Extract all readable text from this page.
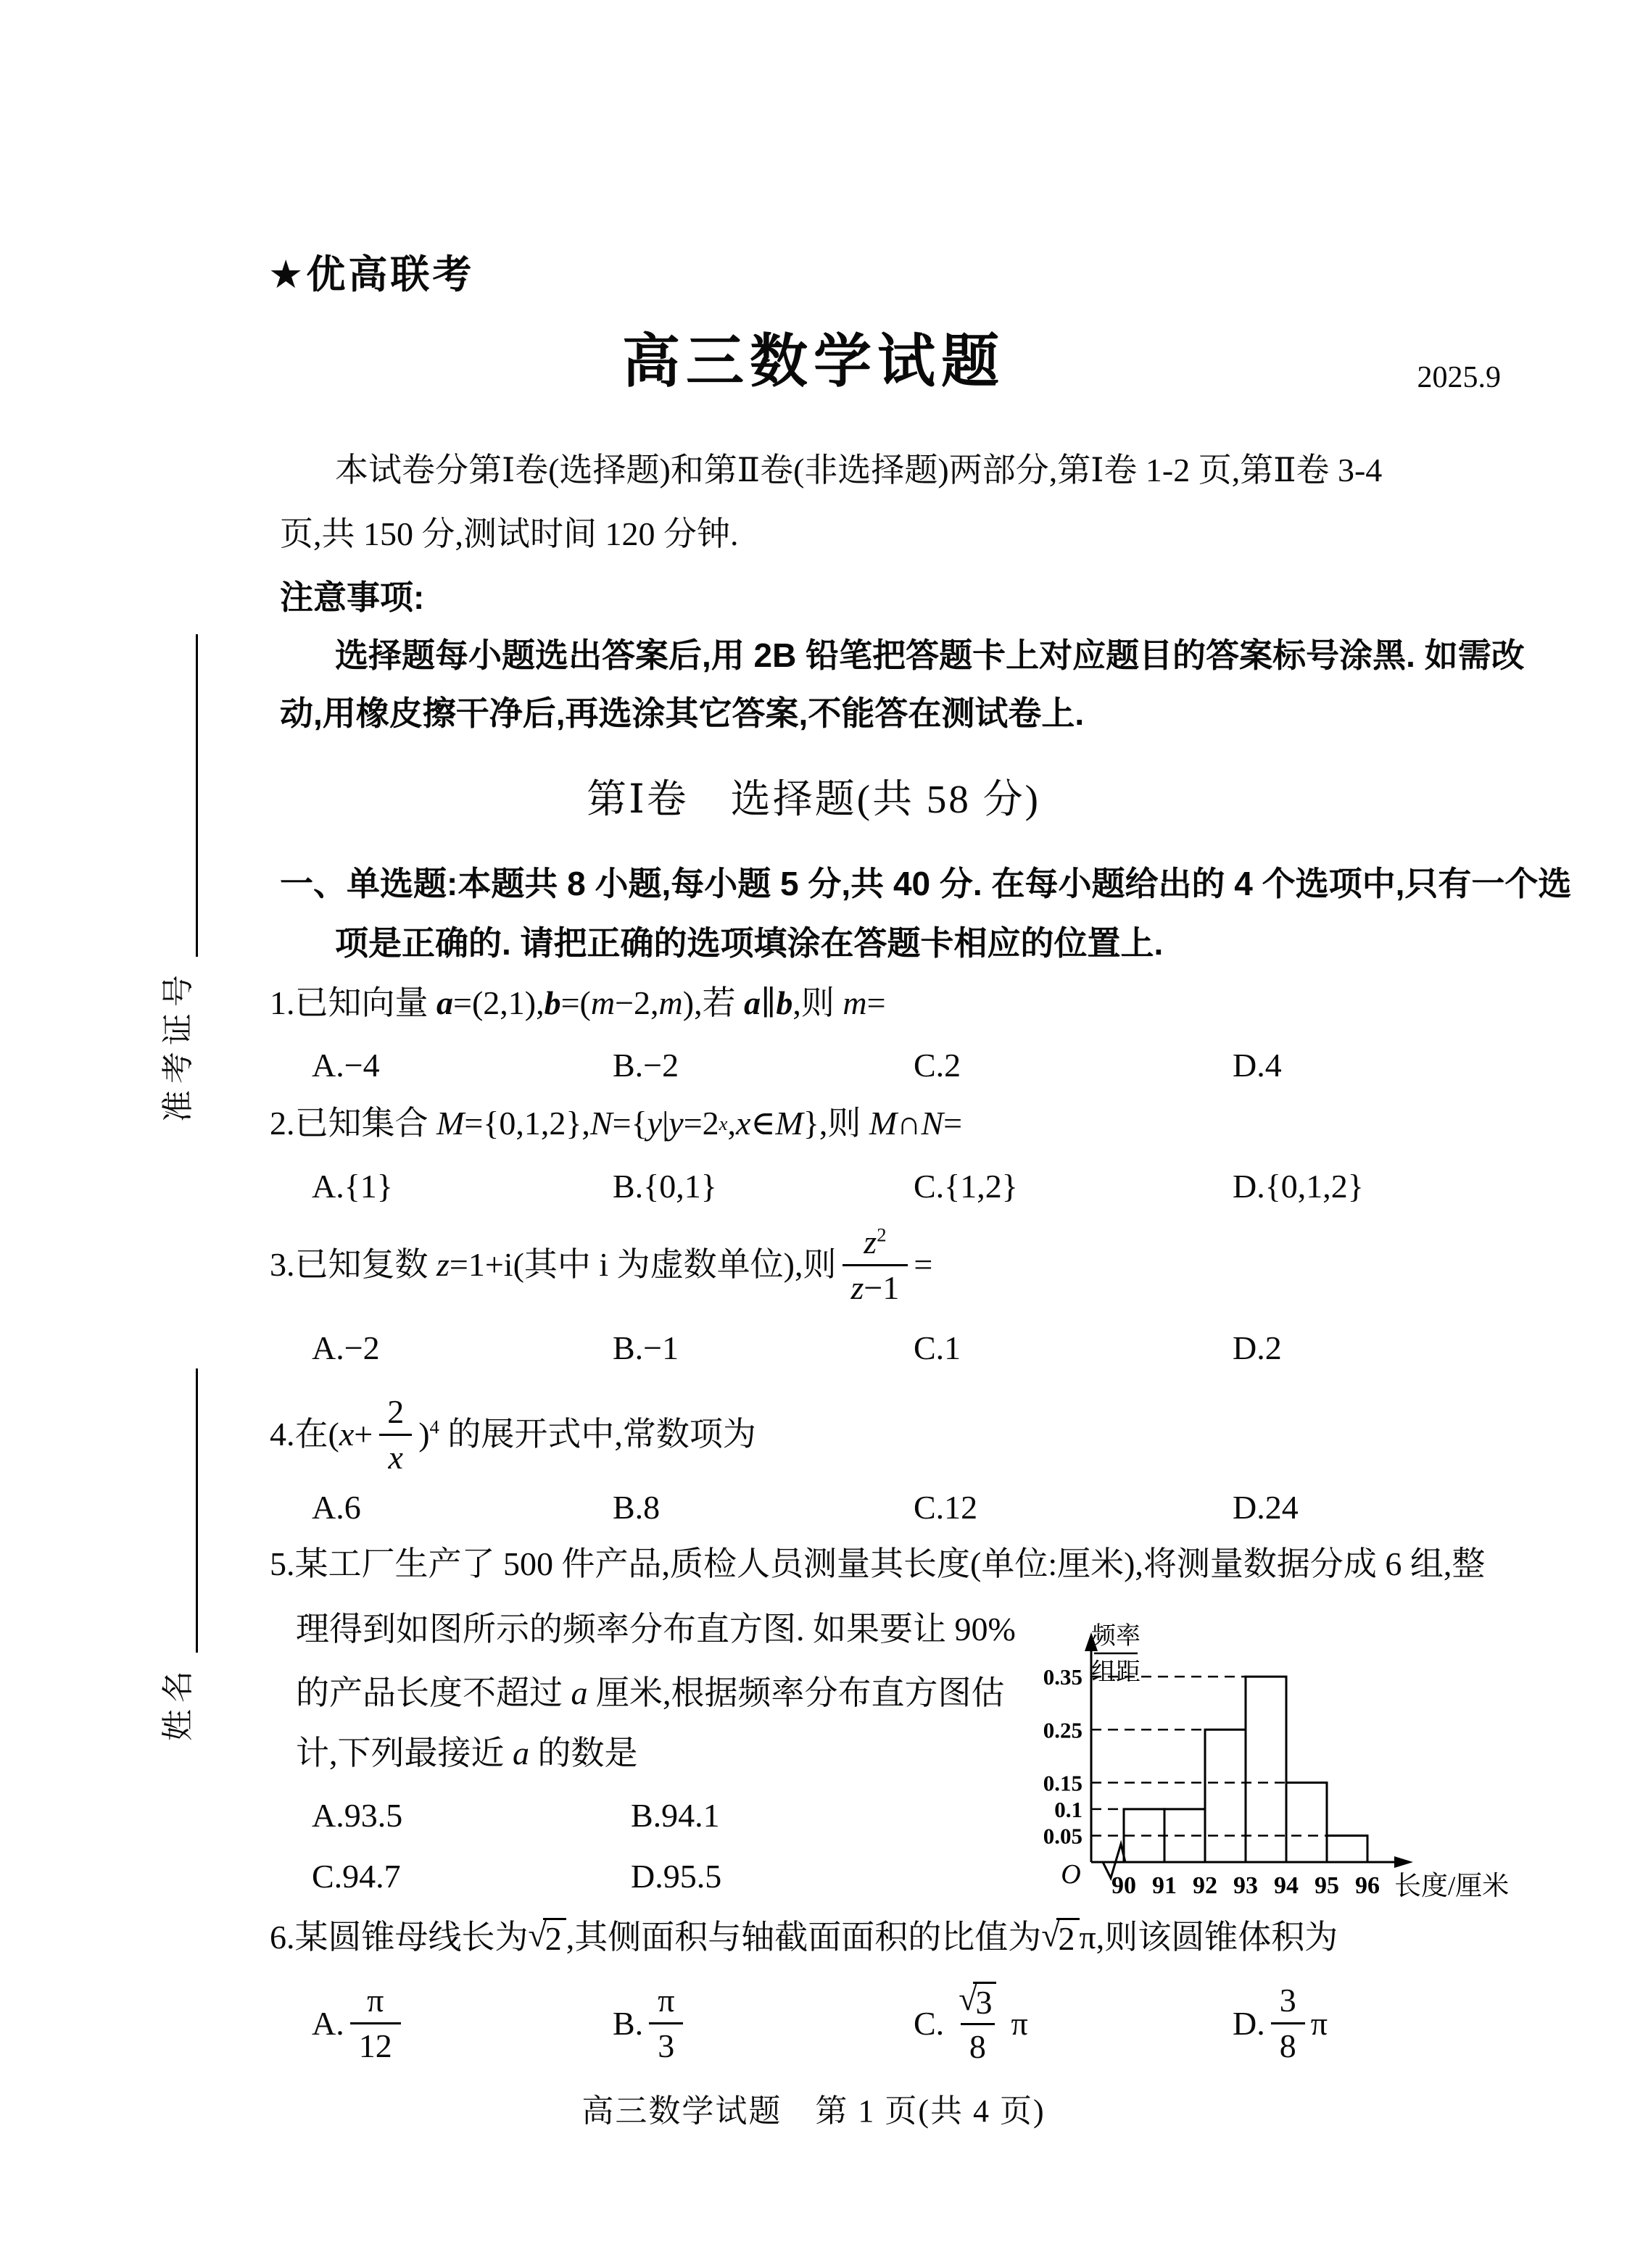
准考证号
姓名
★优高联考
高三数学试题	2025.9
本试卷分第Ⅰ卷(选择题)和第Ⅱ卷(非选择题)两部分,第Ⅰ卷 1-2 页,第Ⅱ卷 3-4
页,共 150 分,测试时间 120 分钟.
注意事项:
选择题每小题选出答案后,用 2B 铅笔把答题卡上对应题目的答案标号涂黑. 如需改
动,用橡皮擦干净后,再选涂其它答案,不能答在测试卷上.
第Ⅰ卷　选择题(共 58 分)
一、单选题:本题共 8 小题,每小题 5 分,共 40 分. 在每小题给出的 4 个选项中,只有一个选
项是正确的. 请把正确的选项填涂在答题卡相应的位置上.
1.已知向量 a =(2,1), b =( m −2, m ),若 a ∥ b ,则 m =
A.−4	B.−2	C.2	D.4
2.已知集合 M ={0,1,2}, N ={ y | y =2 x , x ∈ M },则 M ∩ N =
A.{1}	B.{0,1}	C.{1,2}	D.{0,1,2}
3.已知复数 z=1+i(其中 i 为虚数单位),则 $\frac{z^2}{z-1}$ =
A.−2	B.−1	C.1	D.2
4.在$(x+ \frac{2}{x} )^4$ 的展开式中,常数项为
A.6	B.8	C.12	D.24
5.某工厂生产了 500 件产品,质检人员测量其长度(单位:厘米),将测量数据分成 6 组,整
理得到如图所示的频率分布直方图. 如果要让 90%
的产品长度不超过 a 厘米,根据频率分布直方图估
计,下列最接近 a 的数是
A.93.5	B.94.1
C.94.7	D.95.5
0.05
0.1
0.15
0.25
0.35
90 91 92 93 94 95 96 长度/厘米
O
频率
组距
6.某圆锥母线长为 √
2 ,其侧面积与轴截面面积的比值为 √
2 π ,则该圆锥体积为
A. $\frac{\pi}{12}$	B. $\frac{\pi}{3}$	C. √
3
8 π	D. $\frac{3}{8}$ π
高三数学试题　第 1 页(共 4 页)
